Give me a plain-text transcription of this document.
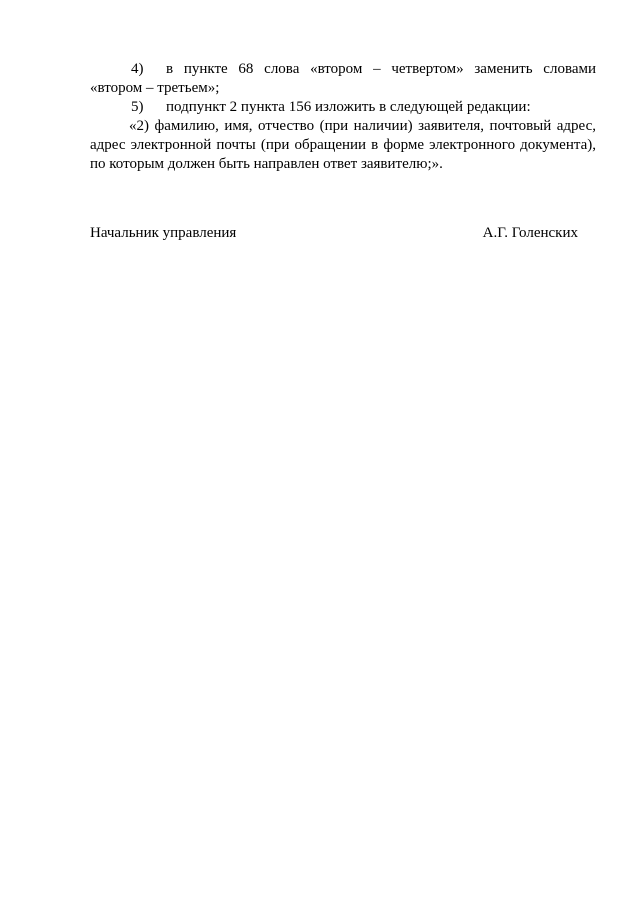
4)	в пункте 68 слова «втором – четвертом» заменить словами
«втором – третьем»;
5)	подпункт 2 пункта 156 изложить в следующей редакции:
«2) фамилию, имя, отчество (при наличии) заявителя, почтовый адрес, адрес электронной почты (при обращении в форме электронного документа), по которым должен быть направлен ответ заявителю;».
Начальник управления	А.Г. Голенских
